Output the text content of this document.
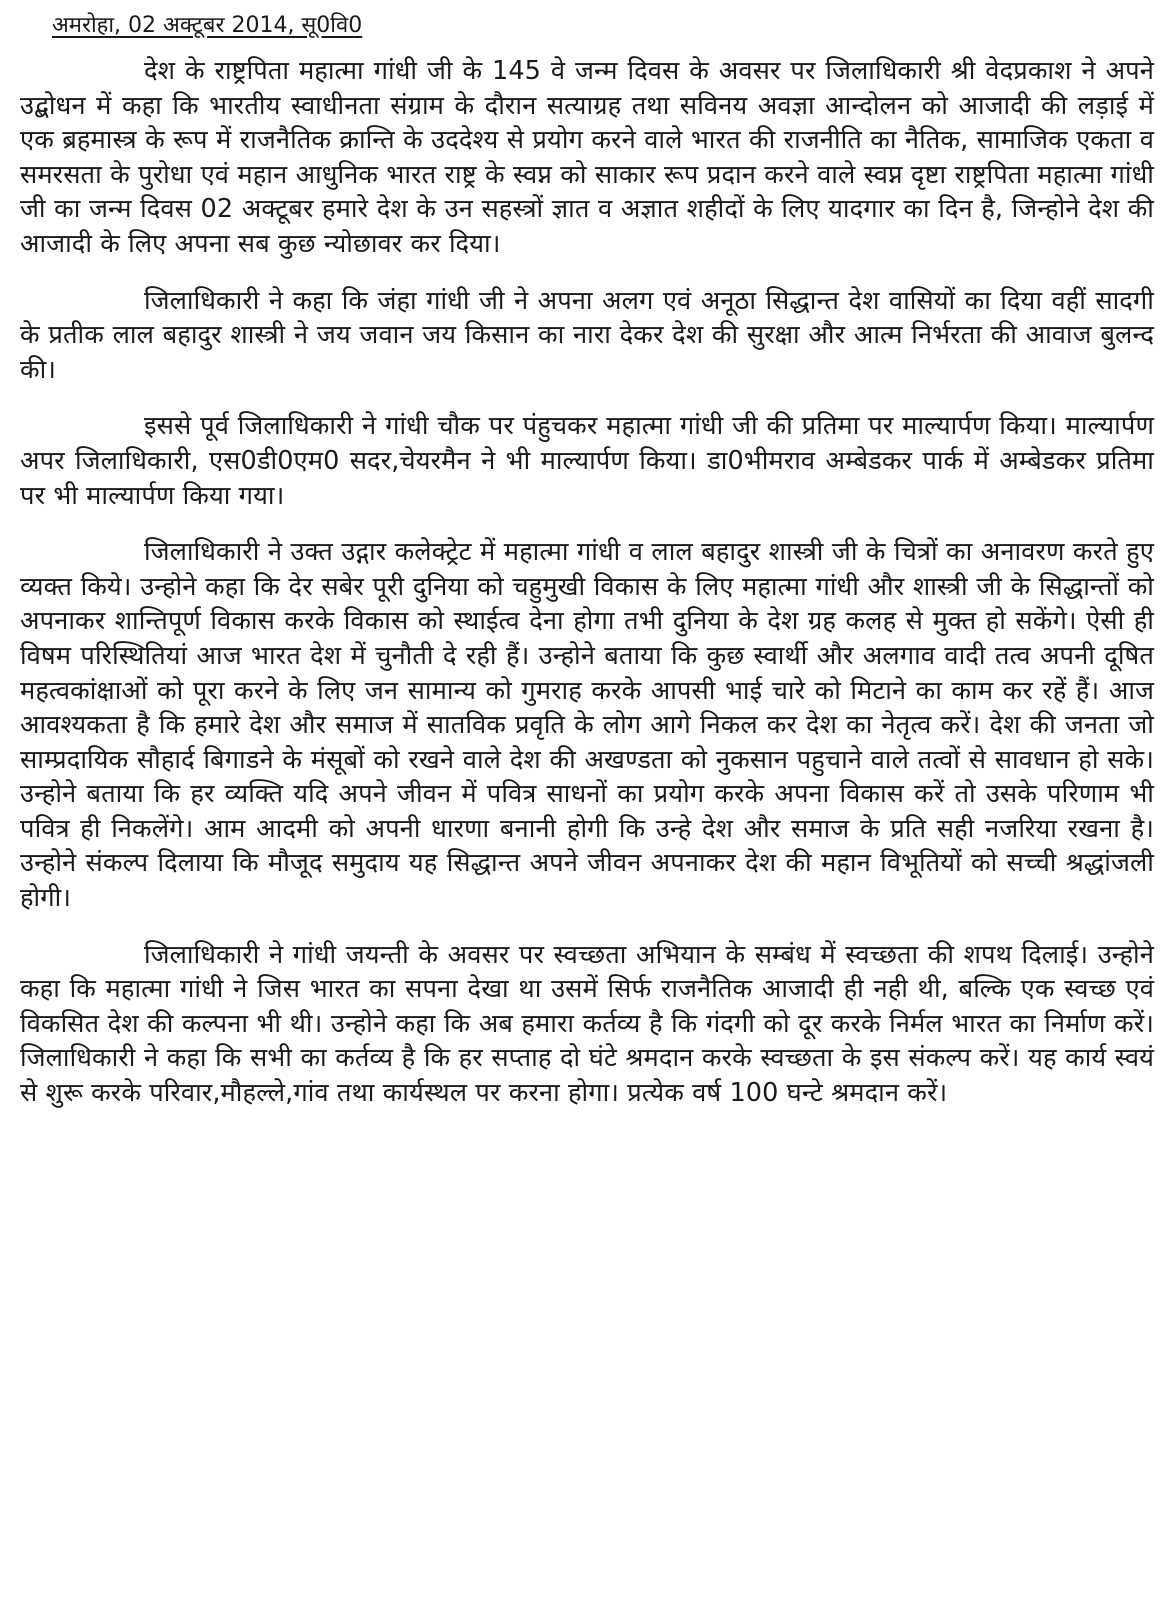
अमरोहा, 02 अक्टूबर 2014, सू0वि0

देश के राष्ट्रपिता महात्मा गांधी जी के 145 वे जन्म दिवस के अवसर पर जिलाधिकारी श्री वेदप्रकाश ने अपने उद्बोधन में कहा कि भारतीय स्वाधीनता संग्राम के दौरान सत्याग्रह तथा सविनय अवज्ञा आन्दोलन को आजादी की लड़ाई में एक ब्रहमास्त्र के रूप में राजनैतिक क्रान्ति के उददेश्य से प्रयोग करने वाले भारत की राजनीति का नैतिक, सामाजिक एकता व समरसता के पुरोधा एवं महान आधुनिक भारत राष्ट्र के स्वप्न को साकार रूप प्रदान करने वाले स्वप्न दृष्टा राष्ट्रपिता महात्मा गांधी जी का जन्म दिवस 02 अक्टूबर हमारे देश के उन सहस्त्रों ज्ञात व अज्ञात शहीदों के लिए यादगार का दिन है, जिन्होने देश की आजादी के लिए अपना सब कुछ न्योछावर कर दिया।

जिलाधिकारी ने कहा कि जंहा गांधी जी ने अपना अलग एवं अनूठा सिद्धान्त देश वासियों का दिया वहीं सादगी के प्रतीक लाल बहादुर शास्त्री ने जय जवान जय किसान का नारा देकर देश की सुरक्षा और आत्म निर्भरता की आवाज बुलन्द की।

इससे पूर्व जिलाधिकारी ने गांधी चौक पर पंहुचकर महात्मा गांधी जी की प्रतिमा पर माल्यार्पण किया। माल्यार्पण अपर जिलाधिकारी, एस0डी0एम0 सदर,चेयरमैन ने भी माल्यार्पण किया। डा0भीमराव अम्बेडकर पार्क में अम्बेडकर प्रतिमा पर भी माल्यार्पण किया गया।

जिलाधिकारी ने उक्त उद्गार कलेक्ट्रेट में महात्मा गांधी व लाल बहादुर शास्त्री जी के चित्रों का अनावरण करते हुए व्यक्त किये। उन्होने कहा कि देर सबेर पूरी दुनिया को चहुमुखी विकास के लिए महात्मा गांधी और शास्त्री जी के सिद्धान्तों को अपनाकर शान्तिपूर्ण विकास करके विकास को स्थाईत्व देना होगा तभी दुनिया के देश ग्रह कलह से मुक्त हो सकेंगे। ऐसी ही विषम परिस्थितियां आज भारत देश में चुनौती दे रही हैं। उन्होने बताया कि कुछ स्वार्थी और अलगाव वादी तत्व अपनी दूषित महत्वकांक्षाओं को पूरा करने के लिए जन सामान्य को गुमराह करके आपसी भाई चारे को मिटाने का काम कर रहें हैं। आज आवश्यकता है कि हमारे देश और समाज में सातविक प्रवृति के लोग आगे निकल कर देश का नेतृत्व करें। देश की जनता जो साम्प्रदायिक सौहार्द बिगाडने के मंसूबों को रखने वाले देश की अखण्डता को नुकसान पहुचाने वाले तत्वों से सावधान हो सके। उन्होने बताया कि हर व्यक्ति यदि अपने जीवन में पवित्र साधनों का प्रयोग करके अपना विकास करें तो उसके परिणाम भी पवित्र ही निकलेंगे। आम आदमी को अपनी धारणा बनानी होगी कि उन्हे देश और समाज के प्रति सही नजरिया रखना है। उन्होने संकल्प दिलाया कि मौजूद समुदाय यह सिद्धान्त अपने जीवन अपनाकर देश की महान विभूतियों को सच्ची श्रद्धांजली होगी।

जिलाधिकारी ने गांधी जयन्ती के अवसर पर स्वच्छता अभियान के सम्बंध में स्वच्छता की शपथ दिलाई। उन्होने कहा कि महात्मा गांधी ने जिस भारत का सपना देखा था उसमें सिर्फ राजनैतिक आजादी ही नही थी, बल्कि एक स्वच्छ एवं विकसित देश की कल्पना भी थी। उन्होने कहा कि अब हमारा कर्तव्य है कि गंदगी को दूर करके निर्मल भारत का निर्माण करें। जिलाधिकारी ने कहा कि सभी का कर्तव्य है कि हर सप्ताह दो घंटे श्रमदान करके स्वच्छता के इस संकल्प करें। यह कार्य स्वयं से शुरू करके परिवार,मौहल्ले,गांव तथा कार्यस्थल पर करना होगा। प्रत्येक वर्ष 100 घन्टे श्रमदान करें।
